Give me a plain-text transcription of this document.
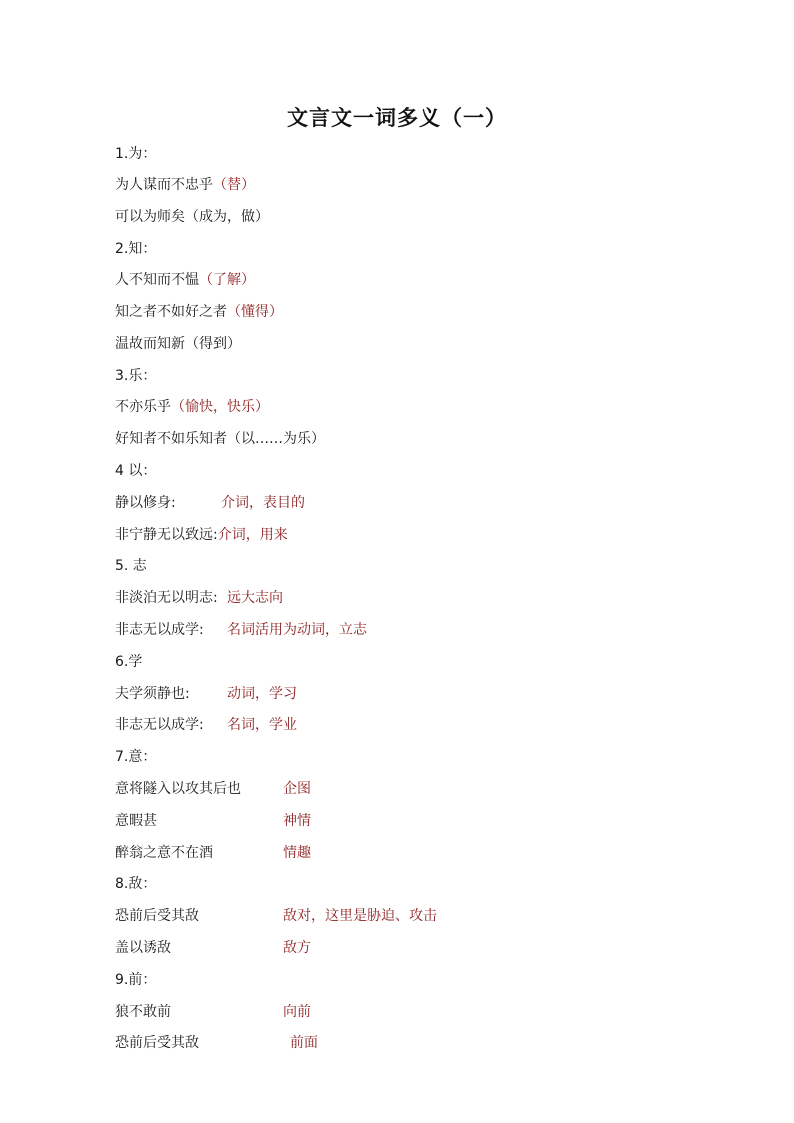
文言文一词多义（一）
1.为：
为人谋而不忠乎（替）
可以为师矣（成为，做）
2.知：
人不知而不愠（了解）
知之者不如好之者（懂得）
温故而知新（得到）
3.乐：
不亦乐乎（愉快，快乐）
好知者不如乐知者（以……为乐）
4 以：
静以修身:	介词，表目的
非宁静无以致远:介词，用来
5. 志
非淡泊无以明志: 远大志向
非志无以成学: 名词活用为动词，立志
6.学
夫学须静也:	动词，学习
非志无以成学: 名词，学业
7.意：
意将隧入以攻其后也	企图
意暇甚	神情
醉翁之意不在酒	情趣
8.敌：
恐前后受其敌	敌对，这里是胁迫、攻击
盖以诱敌	敌方
9.前：
狼不敢前	向前
恐前后受其敌	前面
